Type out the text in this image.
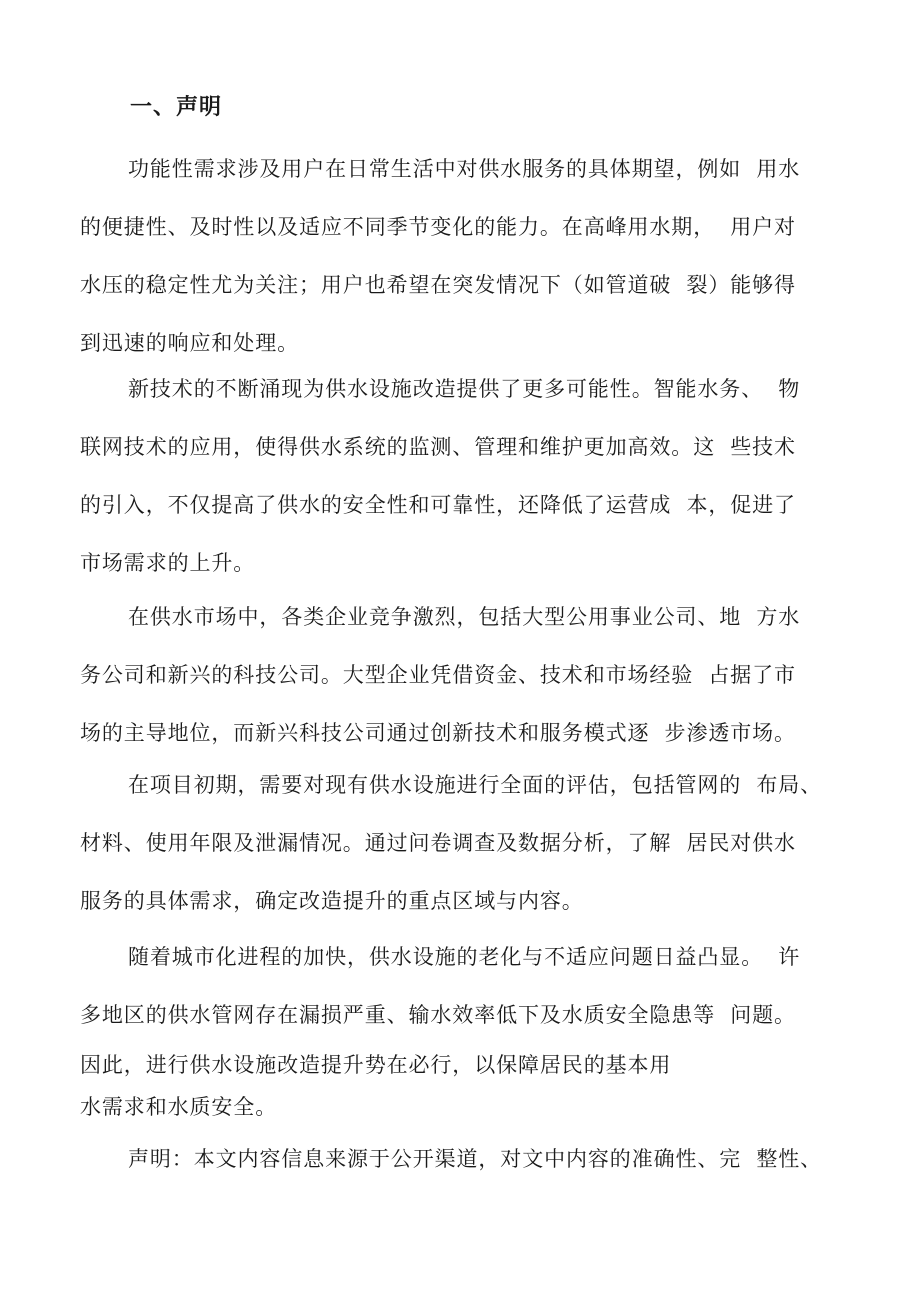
一、声明
功能性需求涉及用户在日常生活中对供水服务的具体期望，例如  用水
的便捷性、及时性以及适应不同季节变化的能力。在高峰用水期，  用户对
水压的稳定性尤为关注；用户也希望在突发情况下（如管道破  裂）能够得
到迅速的响应和处理。
新技术的不断涌现为供水设施改造提供了更多可能性。智能水务、  物
联网技术的应用，使得供水系统的监测、管理和维护更加高效。这  些技术
的引入，不仅提高了供水的安全性和可靠性，还降低了运营成  本，促进了
市场需求的上升。
在供水市场中，各类企业竞争激烈，包括大型公用事业公司、地  方水
务公司和新兴的科技公司。大型企业凭借资金、技术和市场经验  占据了市
场的主导地位，而新兴科技公司通过创新技术和服务模式逐  步渗透市场。
在项目初期，需要对现有供水设施进行全面的评估，包括管网的  布局、
材料、使用年限及泄漏情况。通过问卷调查及数据分析，了解  居民对供水
服务的具体需求，确定改造提升的重点区域与内容。
随着城市化进程的加快，供水设施的老化与不适应问题日益凸显。  许
多地区的供水管网存在漏损严重、输水效率低下及水质安全隐患等  问题。
因此，进行供水设施改造提升势在必行，以保障居民的基本用
水需求和水质安全。
声明：本文内容信息来源于公开渠道，对文中内容的准确性、完  整性、
